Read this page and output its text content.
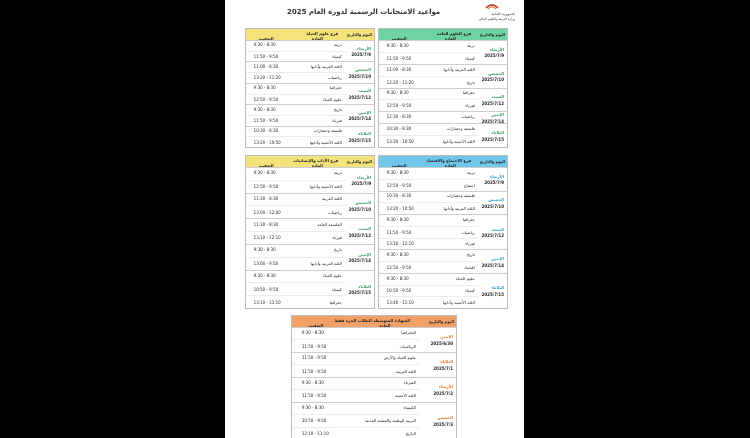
الجمهورية اللبنانية
وزارة التربية والتعليم العالي
مواعيد الامتحانات الرسمية لدورة العام 2025
فرع العلوم العامة اليوم والتاريخ
المادة
التوقيت
الأربعاء
2025/7/9
تربية
9:30 - 8:30
كيمياء
11:50 - 9:50
الخميس
2025/7/10
اللغة العربية وآدابها
11:00 - 8:30
تاريخ
12:20 - 11:20
السبت
2025/7/12
جغرافيا
9:30 - 8:30
فيزياء
12:50 - 9:50
الإثنين
2025/7/14
رياضيات
12:30 - 8:30
الثلاثاء
2025/7/15
فلسفة وحضارات
10:30 - 8:30
اللغة الأجنبية وآدابها
13:20 - 10:50
فرع علوم الحياة اليوم والتاريخ
المادة
التوقيت
الأربعاء
2025/7/9
تربية
9:30 - 8:30
كيمياء
11:50 - 9:50
الخميس
2025/7/10
اللغة العربية وآدابها
11:00 - 8:30
رياضيات
13:20 - 11:20
السبت
2025/7/12
جغرافيا
9:30 - 8:30
علوم الحياة
12:50 - 9:50
الإثنين
2025/7/14
تاريخ
9:30 - 8:30
فيزياء
11:50 - 9:50
الثلاثاء
2025/7/15
فلسفة وحضارات
10:30 - 8:30
اللغة الأجنبية وآدابها
13:20 - 10:50
فرع الاجتماع والاقتصاد اليوم والتاريخ
المادة
التوقيت
الأربعاء
2025/7/9
تربية
9:30 - 8:30
اجتماع
12:50 - 9:50
الخميس
2025/7/10
فلسفة وحضارات
10:30 - 8:30
اللغة العربية وآدابها
13:20 - 10:50
السبت
2025/7/12
جغرافيا
9:30 - 8:30
رياضيات
11:50 - 9:50
فيزياء
13:10 - 12:10
الإثنين
2025/7/14
تاريخ
9:30 - 8:30
اقتصاد
12:50 - 9:50
الثلاثاء
2025/7/15
علوم الحياة
9:30 - 8:30
كيمياء
10:50 - 9:50
اللغة الأجنبية وآدابها
13:40 - 11:10
فرع الآداب والإنسانيات اليوم والتاريخ
المادة
التوقيت
الأربعاء
2025/7/9
تربية
9:30 - 8:30
اللغة الأجنبية وآدابها
12:50 - 9:50
الخميس
2025/7/10
اللغة العربية
11:30 - 8:30
رياضيات
13:00 - 12:00
السبت
2025/7/12
الفلسفة العامة
11:30 - 8:30
فيزياء
13:10 - 12:10
الإثنين
2025/7/14
تاريخ
9:30 - 8:30
اللغة العربية وآدابها
13:00 - 9:50
الثلاثاء
2025/7/15
علوم الحياة
9:30 - 8:30
كيمياء
10:50 - 9:50
جغرافيا
13:10 - 11:10
الشهادة المتوسطة للطلاب الحرة فقط	اليوم والتاريخ
المادة
التوقيت
الإثنين
2025/6/30
الجغرافيا
9:30 - 8:30
الرياضيات
11:50 - 9:50
الثلاثاء
2025/7/1
علوم الحياة والأرض
11:50 - 9:50
اللغة العربية
11:50 - 9:50
الأربعاء
2025/7/2
الفيزياء
9:30 - 8:30
اللغة الأجنبية
11:50 - 9:50
الخميس
2025/7/3
الكيمياء
9:30 - 8:30
التربية الوطنية والتنشئة المدنية
10:50 - 9:50
التاريخ
12:10 - 11:10
